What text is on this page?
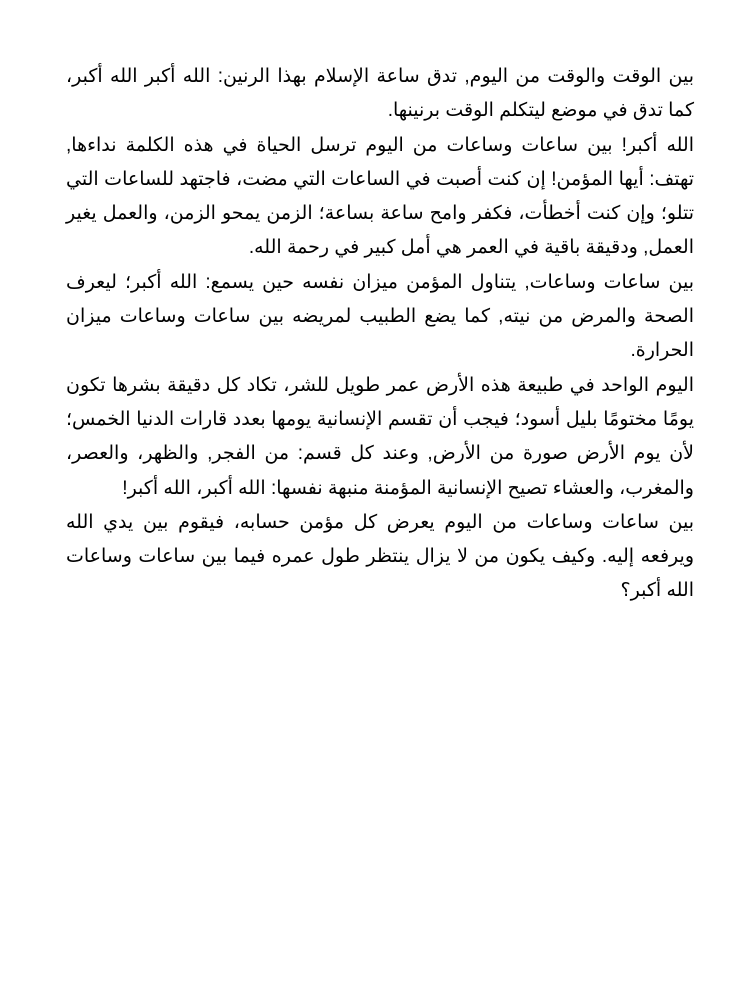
بين الوقت والوقت من اليوم, تدق ساعة الإسلام بهذا الرنين: الله أكبر الله أكبر، كما تدق في موضع ليتكلم الوقت برنينها.

الله أكبر! بين ساعات وساعات من اليوم ترسل الحياة في هذه الكلمة نداءها, تهتف: أيها المؤمن! إن كنت أصبت في الساعات التي مضت، فاجتهد للساعات التي تتلو؛ وإن كنت أخطأت، فكفر وامح ساعة بساعة؛ الزمن يمحو الزمن، والعمل يغير العمل, ودقيقة باقية في العمر هي أمل كبير في رحمة الله.

بين ساعات وساعات, يتناول المؤمن ميزان نفسه حين يسمع: الله أكبر؛ ليعرف الصحة والمرض من نيته, كما يضع الطبيب لمريضه بين ساعات وساعات ميزان الحرارة.

اليوم الواحد في طبيعة هذه الأرض عمر طويل للشر، تكاد كل دقيقة بشرها تكون يومًا مختومًا بليل أسود؛ فيجب أن تقسم الإنسانية يومها بعدد قارات الدنيا الخمس؛ لأن يوم الأرض صورة من الأرض, وعند كل قسم: من الفجر, والظهر، والعصر، والمغرب، والعشاء تصيح الإنسانية المؤمنة منبهة نفسها: الله أكبر، الله أكبر!

بين ساعات وساعات من اليوم يعرض كل مؤمن حسابه، فيقوم بين يدي الله ويرفعه إليه. وكيف يكون من لا يزال ينتظر طول عمره فيما بين ساعات وساعات الله أكبر؟
